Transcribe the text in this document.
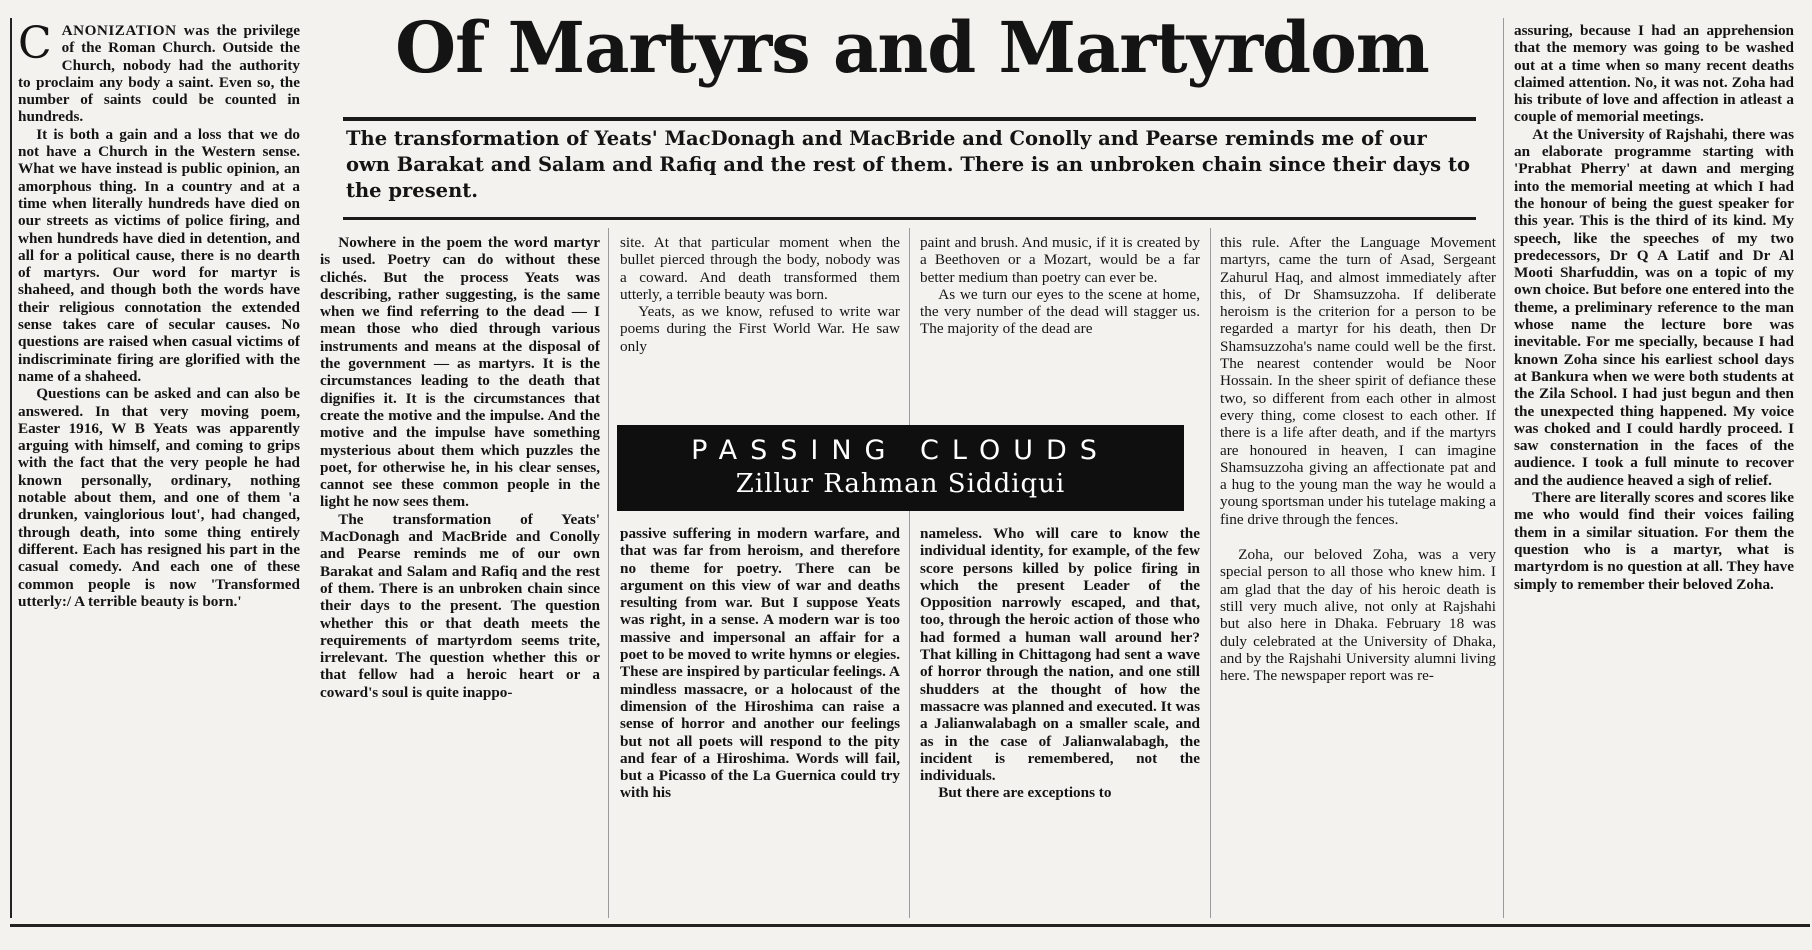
C ANONIZATION was the privilege of the Roman Church. Outside the Church, nobody had the authority to proclaim any body a saint. Even so, the number of saints could be counted in hundreds.

It is both a gain and a loss that we do not have a Church in the Western sense. What we have instead is public opinion, an amorphous thing. In a country and at a time when literally hundreds have died on our streets as victims of police firing, and when hundreds have died in detention, and all for a political cause, there is no dearth of martyrs. Our word for martyr is shaheed, and though both the words have their religious connotation the extended sense takes care of secular causes. No questions are raised when casual victims of indiscriminate firing are glorified with the name of a shaheed.

Questions can be asked and can also be answered. In that very moving poem, Easter 1916, W B Yeats was apparently arguing with himself, and coming to grips with the fact that the very people he had known personally, ordinary, nothing notable about them, and one of them 'a drunken, vainglorious lout', had changed, through death, into some thing entirely different. Each has resigned his part in the casual comedy. And each one of these common people is now 'Transformed utterly:/ A terrible beauty is born.'

Of Martyrs and Martyrdom
The transformation of Yeats' MacDonagh and MacBride and Conolly and Pearse reminds me of our own Barakat and Salam and Rafiq and the rest of them. There is an unbroken chain since their days to the present.

Nowhere in the poem the word martyr is used. Poetry can do without these clichés. But the process Yeats was describing, rather suggesting, is the same when we find referring to the dead — I mean those who died through various instruments and means at the disposal of the government — as martyrs. It is the circumstances leading to the death that dignifies it. It is the circumstances that create the motive and the impulse. And the motive and the impulse have something mysterious about them which puzzles the poet, for otherwise he, in his clear senses, cannot see these common people in the light he now sees them.

The transformation of Yeats' MacDonagh and MacBride and Conolly and Pearse reminds me of our own Barakat and Salam and Rafiq and the rest of them. There is an unbroken chain since their days to the present. The question whether this or that death meets the requirements of martyrdom seems trite, irrelevant. The question whether this or that fellow had a heroic heart or a coward's soul is quite inappo-

site. At that particular moment when the bullet pierced through the body, nobody was a coward. And death transformed them utterly, a terrible beauty was born.

Yeats, as we know, refused to write war poems during the First World War. He saw only

paint and brush. And music, if it is created by a Beethoven or a Mozart, would be a far better medium than poetry can ever be.

As we turn our eyes to the scene at home, the very number of the dead will stagger us. The majority of the dead are

PASSING CLOUDS
Zillur Rahman Siddiqui

passive suffering in modern warfare, and that was far from heroism, and therefore no theme for poetry. There can be argument on this view of war and deaths resulting from war. But I suppose Yeats was right, in a sense. A modern war is too massive and impersonal an affair for a poet to be moved to write hymns or elegies. These are inspired by particular feelings. A mindless massacre, or a holocaust of the dimension of the Hiroshima can raise a sense of horror and another our feelings but not all poets will respond to the pity and fear of a Hiroshima. Words will fail, but a Picasso of the La Guernica could try with his

nameless. Who will care to know the individual identity, for example, of the few score persons killed by police firing in which the present Leader of the Opposition narrowly escaped, and that, too, through the heroic action of those who had formed a human wall around her? That killing in Chittagong had sent a wave of horror through the nation, and one still shudders at the thought of how the massacre was planned and executed. It was a Jalianwalabagh on a smaller scale, and as in the case of Jalianwalabagh, the incident is remembered, not the individuals.

But there are exceptions to

this rule. After the Language Movement martyrs, came the turn of Asad, Sergeant Zahurul Haq, and almost immediately after this, of Dr Shamsuzzoha. If deliberate heroism is the criterion for a person to be regarded a martyr for his death, then Dr Shamsuzzoha's name could well be the first. The nearest contender would be Noor Hossain. In the sheer spirit of defiance these two, so different from each other in almost every thing, come closest to each other. If there is a life after death, and if the martyrs are honoured in heaven, I can imagine Shamsuzzoha giving an affectionate pat and a hug to the young man the way he would a young sportsman under his tutelage making a fine drive through the fences.

Zoha, our beloved Zoha, was a very special person to all those who knew him. I am glad that the day of his heroic death is still very much alive, not only at Rajshahi but also here in Dhaka. February 18 was duly celebrated at the University of Dhaka, and by the Rajshahi University alumni living here. The newspaper report was re-

assuring, because I had an apprehension that the memory was going to be washed out at a time when so many recent deaths claimed attention. No, it was not. Zoha had his tribute of love and affection in atleast a couple of memorial meetings.

At the University of Rajshahi, there was an elaborate programme starting with 'Prabhat Pherry' at dawn and merging into the memorial meeting at which I had the honour of being the guest speaker for this year. This is the third of its kind. My speech, like the speeches of my two predecessors, Dr Q A Latif and Dr Al Mooti Sharfuddin, was on a topic of my own choice. But before one entered into the theme, a preliminary reference to the man whose name the lecture bore was inevitable. For me specially, because I had known Zoha since his earliest school days at Bankura when we were both students at the Zila School. I had just begun and then the unexpected thing happened. My voice was choked and I could hardly proceed. I saw consternation in the faces of the audience. I took a full minute to recover and the audience heaved a sigh of relief.

There are literally scores and scores like me who would find their voices failing them in a similar situation. For them the question who is a martyr, what is martyrdom is no question at all. They have simply to remember their beloved Zoha.
